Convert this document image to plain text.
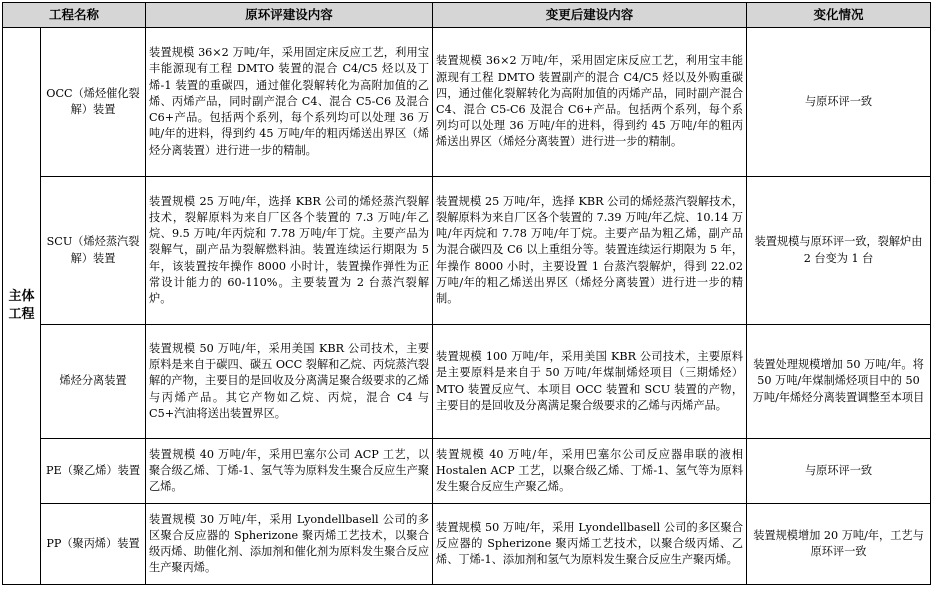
工程名称		原环评建设内容	变更后建设内容	变化情况
主体工程	OCC（烯烃催化裂解）装置	装置规模 36×2 万吨/年，采用固定床反应工艺，利用宝丰能源现有工程 DMTO 装置的混合 C4/C5 烃以及丁烯-1 装置的重碳四，通过催化裂解转化为高附加值的乙烯、丙烯产品，同时副产混合 C4、混合 C5-C6 及混合 C6+产品。包括两个系列，每个系列均可以处理 36 万吨/年的进料，得到约 45 万吨/年的粗丙烯送出界区（烯烃分离装置）进行进一步的精制。	装置规模 36×2 万吨/年，采用固定床反应工艺，利用宝丰能源现有工程 DMTO 装置副产的混合 C4/C5 烃以及外购重碳四，通过催化裂解转化为高附加值的丙烯产品，同时副产混合 C4、混合 C5-C6 及混合 C6+产品。包括两个系列，每个系列均可以处理 36 万吨/年的进料，得到约 45 万吨/年的粗丙烯送出界区（烯烃分离装置）进行进一步的精制。	与原环评一致
	SCU（烯烃蒸汽裂解）装置	装置规模 25 万吨/年，选择 KBR 公司的烯烃蒸汽裂解技术，裂解原料为来自厂区各个装置的 7.3 万吨/年乙烷、9.5 万吨/年丙烷和 7.78 万吨/年丁烷。主要产品为裂解气，副产品为裂解燃料油。装置连续运行期限为 5 年，该装置按年操作 8000 小时计，装置操作弹性为正常设计能力的 60-110%。主要装置为 2 台蒸汽裂解炉。	装置规模 25 万吨/年，选择 KBR 公司的烯烃蒸汽裂解技术，裂解原料为来自厂区各个装置的 7.39 万吨/年乙烷、10.14 万吨/年丙烷和 7.78 万吨/年丁烷。主要产品为粗乙烯，副产品为混合碳四及 C6 以上重组分等。装置连续运行期限为 5 年，年操作 8000 小时，主要设置 1 台蒸汽裂解炉，得到 22.02 万吨/年的粗乙烯送出界区（烯烃分离装置）进行进一步的精制。	装置规模与原环评一致，裂解炉由 2 台变为 1 台
	烯烃分离装置	装置规模 50 万吨/年，采用美国 KBR 公司技术，主要原料是来自于碳四、碳五 OCC 裂解和乙烷、丙烷蒸汽裂解的产物，主要目的是回收及分离满足聚合级要求的乙烯与丙烯产品。其它产物如乙烷、丙烷，混合 C4 与 C5+汽油将送出装置界区。	装置规模 100 万吨/年，采用美国 KBR 公司技术，主要原料是主要原料是来自于 50 万吨/年煤制烯烃项目（三期烯烃）MTO 装置反应气、本项目 OCC 装置和 SCU 装置的产物，主要目的是回收及分离满足聚合级要求的乙烯与丙烯产品。	装置处理规模增加 50 万吨/年。将 50 万吨/年煤制烯烃项目中的 50 万吨/年烯烃分离装置调整至本项目
	PE（聚乙烯）装置	装置规模 40 万吨/年，采用巴塞尔公司 ACP 工艺，以聚合级乙烯、丁烯-1、氢气等为原料发生聚合反应生产聚乙烯。	装置规模 40 万吨/年，采用巴塞尔公司反应器串联的液相 Hostalen ACP 工艺，以聚合级乙烯、丁烯-1、氢气等为原料发生聚合反应生产聚乙烯。	与原环评一致
	PP（聚丙烯）装置	装置规模 30 万吨/年，采用 Lyondellbasell 公司的多区聚合反应器的 Spherizone 聚丙烯工艺技术，以聚合级丙烯、助催化剂、添加剂和催化剂为原料发生聚合反应生产聚丙烯。	装置规模 50 万吨/年，采用 Lyondellbasell 公司的多区聚合反应器的 Spherizone 聚丙烯工艺技术，以聚合级丙烯、乙烯、丁烯-1、添加剂和氢气为原料发生聚合反应生产聚丙烯。	装置规模增加 20 万吨/年，工艺与原环评一致
